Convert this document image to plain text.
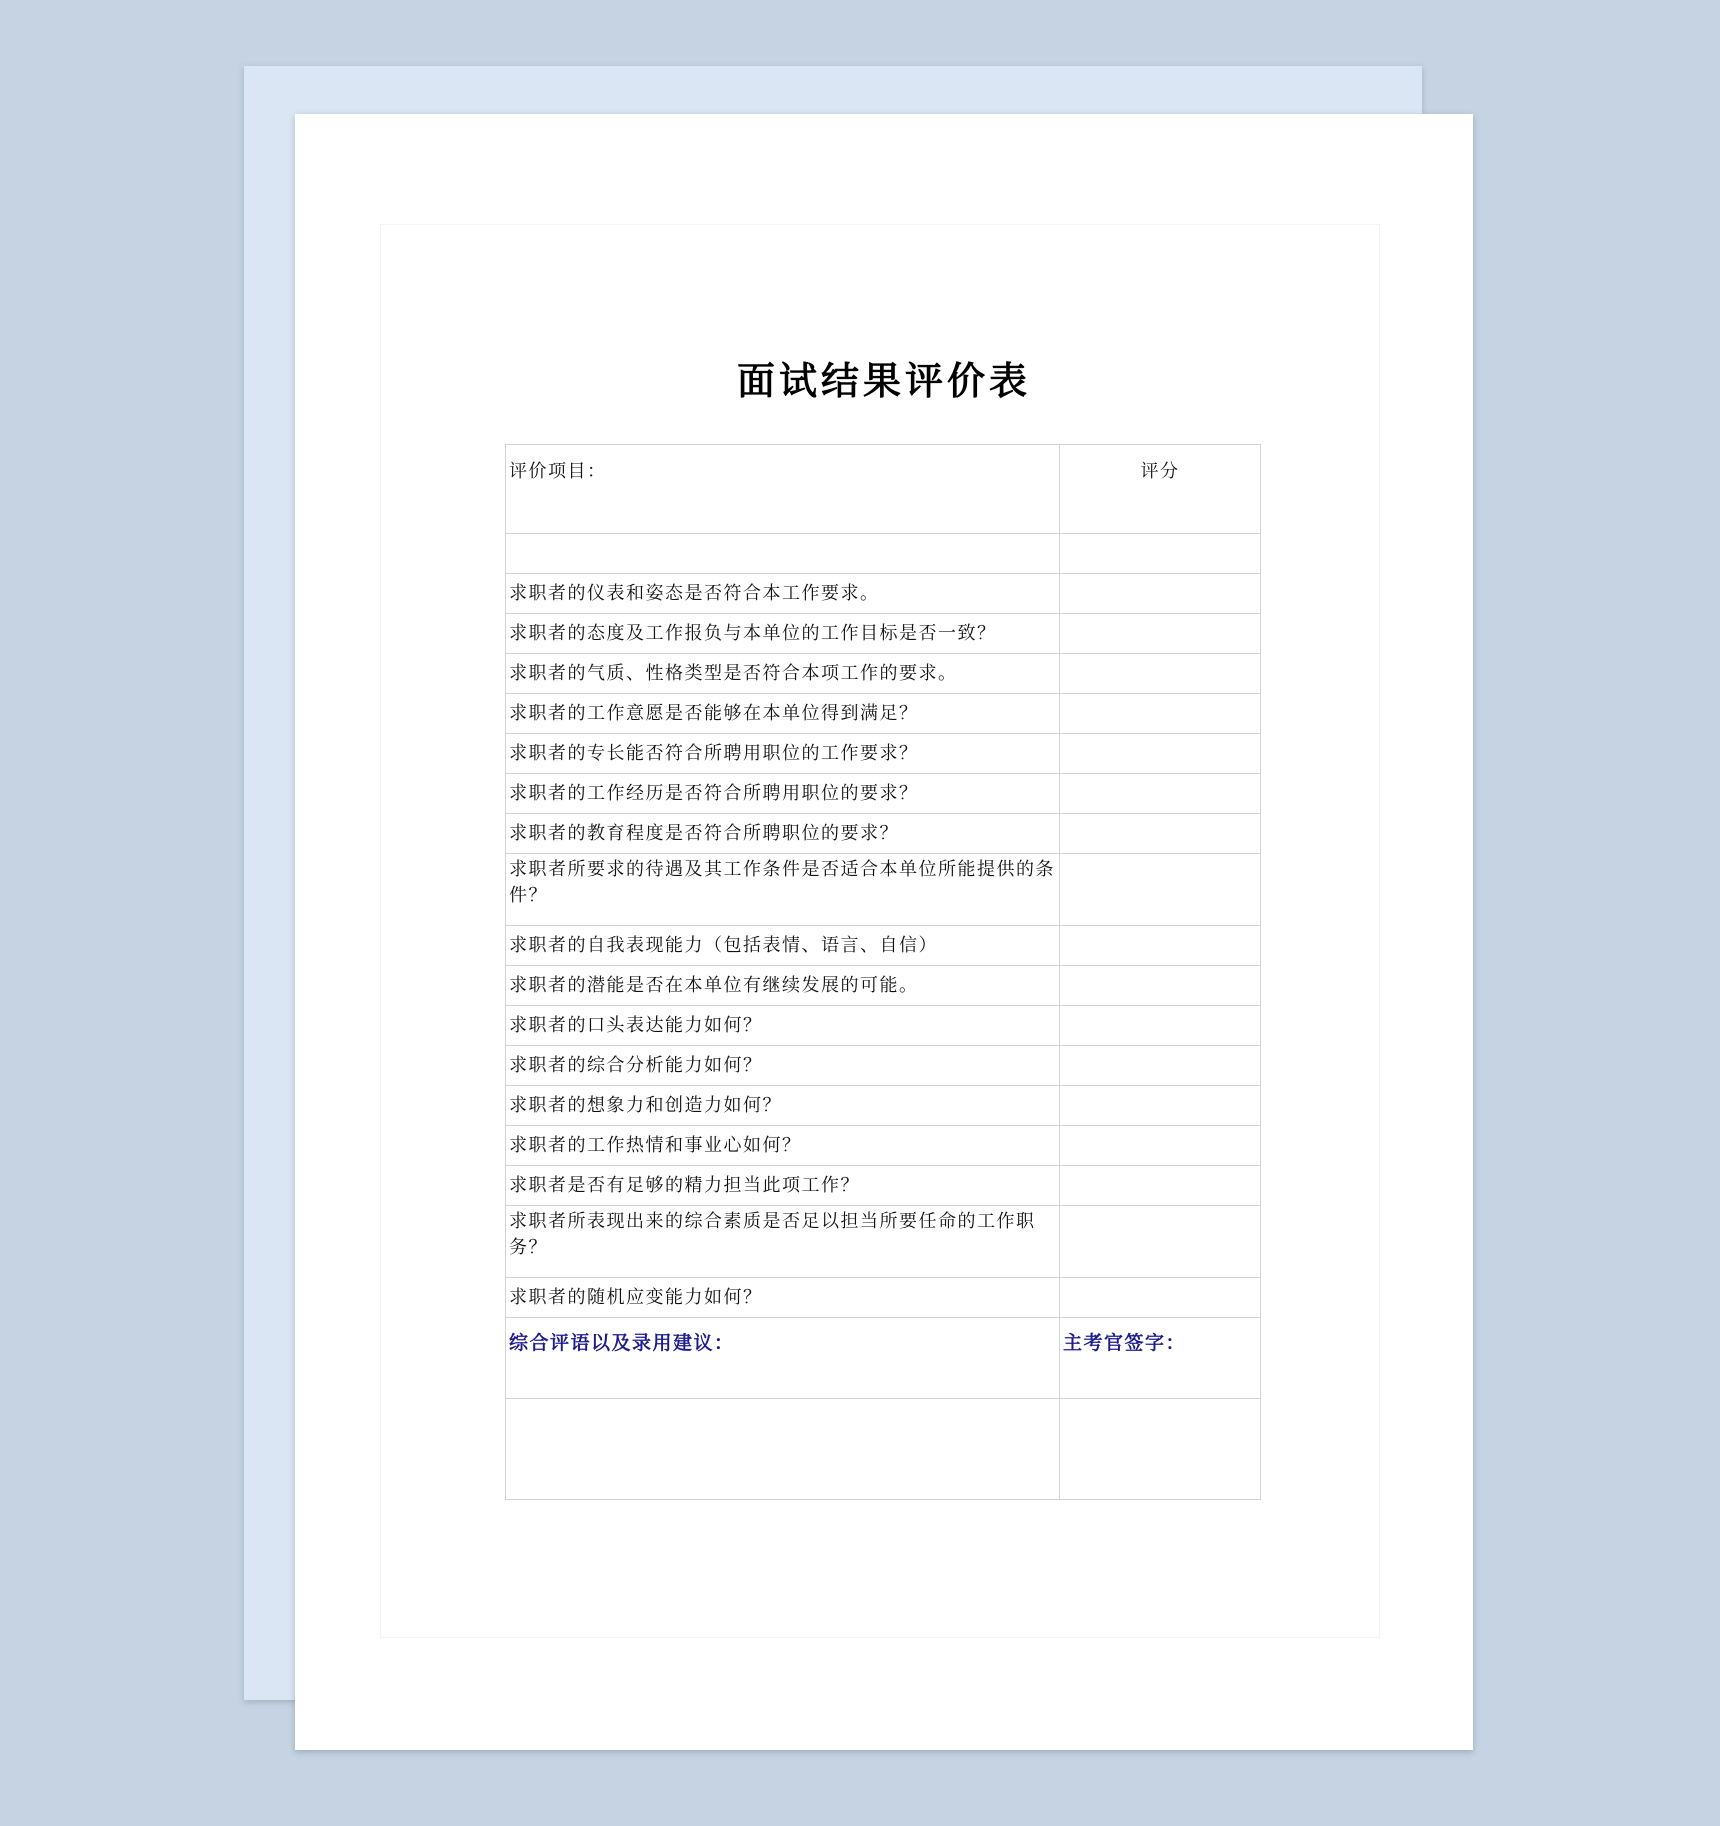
面试结果评价表
评价项目：	评分

求职者的仪表和姿态是否符合本工作要求。	
求职者的态度及工作报负与本单位的工作目标是否一致？	
求职者的气质、性格类型是否符合本项工作的要求。	
求职者的工作意愿是否能够在本单位得到满足？	
求职者的专长能否符合所聘用职位的工作要求？	
求职者的工作经历是否符合所聘用职位的要求？	
求职者的教育程度是否符合所聘职位的要求？	
求职者所要求的待遇及其工作条件是否适合本单位所能提供的条件？	
求职者的自我表现能力（包括表情、语言、自信）	
求职者的潜能是否在本单位有继续发展的可能。	
求职者的口头表达能力如何？	
求职者的综合分析能力如何？	
求职者的想象力和创造力如何？	
求职者的工作热情和事业心如何？	
求职者是否有足够的精力担当此项工作？	
求职者所表现出来的综合素质是否足以担当所要任命的工作职务？	
求职者的随机应变能力如何？	
综合评语以及录用建议：	主考官签字：
